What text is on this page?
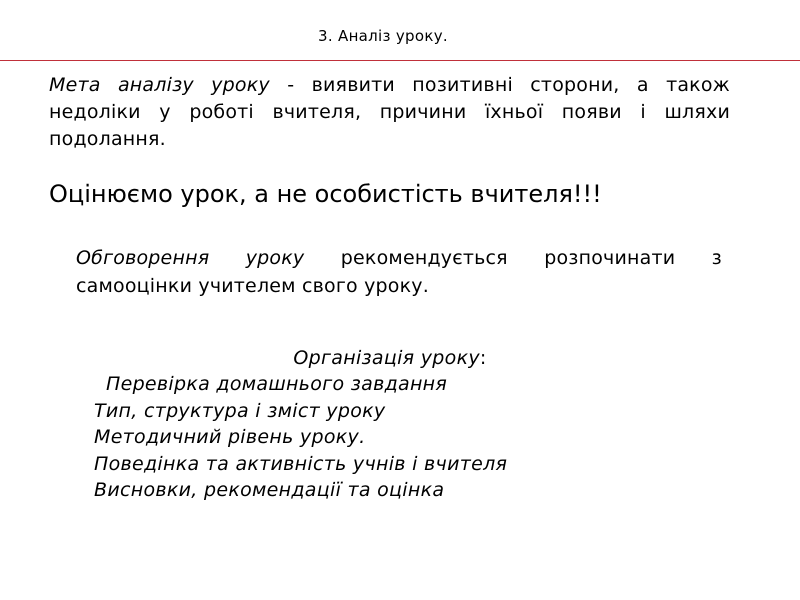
3. Аналіз уроку.

Мета аналізу уроку - виявити позитивні сторони, а також недоліки у роботі вчителя, причини їхньої появи і шляхи подолання.

Оцінюємо урок, а не особистість вчителя!!!

Обговорення уроку рекомендується розпочинати з самооцінки учителем свого уроку.

Організація уроку:
Перевірка домашнього завдання
Тип, структура і зміст уроку
Методичний рівень уроку.
Поведінка та активність учнів і вчителя
Висновки, рекомендації та оцінка
